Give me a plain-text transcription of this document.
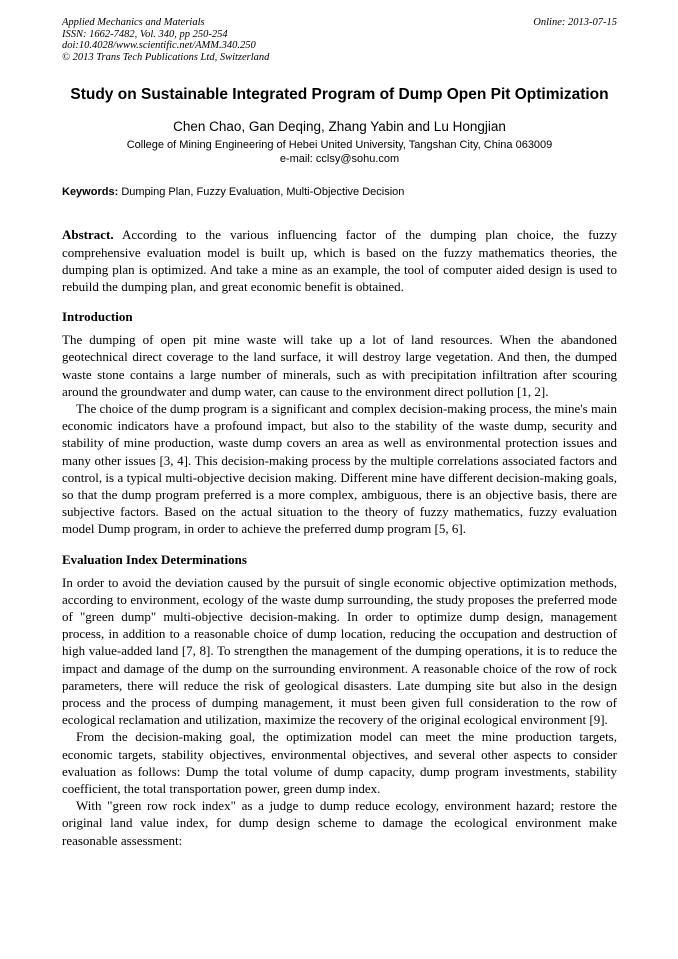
Applied Mechanics and Materials
ISSN: 1662-7482, Vol. 340, pp 250-254
doi:10.4028/www.scientific.net/AMM.340.250
© 2013 Trans Tech Publications Ltd, Switzerland
Online: 2013-07-15
Study on Sustainable Integrated Program of Dump Open Pit Optimization
Chen Chao, Gan Deqing, Zhang Yabin and Lu Hongjian
College of Mining Engineering of Hebei United University, Tangshan City, China 063009
e-mail: cclsy@sohu.com
Keywords: Dumping Plan, Fuzzy Evaluation, Multi-Objective Decision

Abstract. According to the various influencing factor of the dumping plan choice, the fuzzy comprehensive evaluation model is built up, which is based on the fuzzy mathematics theories, the dumping plan is optimized. And take a mine as an example, the tool of computer aided design is used to rebuild the dumping plan, and great economic benefit is obtained.

Introduction

The dumping of open pit mine waste will take up a lot of land resources. When the abandoned geotechnical direct coverage to the land surface, it will destroy large vegetation. And then, the dumped waste stone contains a large number of minerals, such as with precipitation infiltration after scouring around the groundwater and dump water, can cause to the environment direct pollution [1, 2].

The choice of the dump program is a significant and complex decision-making process, the mine's main economic indicators have a profound impact, but also to the stability of the waste dump, security and stability of mine production, waste dump covers an area as well as environmental protection issues and many other issues [3, 4]. This decision-making process by the multiple correlations associated factors and control, is a typical multi-objective decision making. Different mine have different decision-making goals, so that the dump program preferred is a more complex, ambiguous, there is an objective basis, there are subjective factors. Based on the actual situation to the theory of fuzzy mathematics, fuzzy evaluation model Dump program, in order to achieve the preferred dump program [5, 6].

Evaluation Index Determinations

In order to avoid the deviation caused by the pursuit of single economic objective optimization methods, according to environment, ecology of the waste dump surrounding, the study proposes the preferred mode of "green dump" multi-objective decision-making. In order to optimize dump design, management process, in addition to a reasonable choice of dump location, reducing the occupation and destruction of high value-added land [7, 8]. To strengthen the management of the dumping operations, it is to reduce the impact and damage of the dump on the surrounding environment. A reasonable choice of the row of rock parameters, there will reduce the risk of geological disasters. Late dumping site but also in the design process and the process of dumping management, it must been given full consideration to the row of ecological reclamation and utilization, maximize the recovery of the original ecological environment [9].

From the decision-making goal, the optimization model can meet the mine production targets, economic targets, stability objectives, environmental objectives, and several other aspects to consider evaluation as follows: Dump the total volume of dump capacity, dump program investments, stability coefficient, the total transportation power, green dump index.

With "green row rock index" as a judge to dump reduce ecology, environment hazard; restore the original land value index, for dump design scheme to damage the ecological environment make reasonable assessment:
